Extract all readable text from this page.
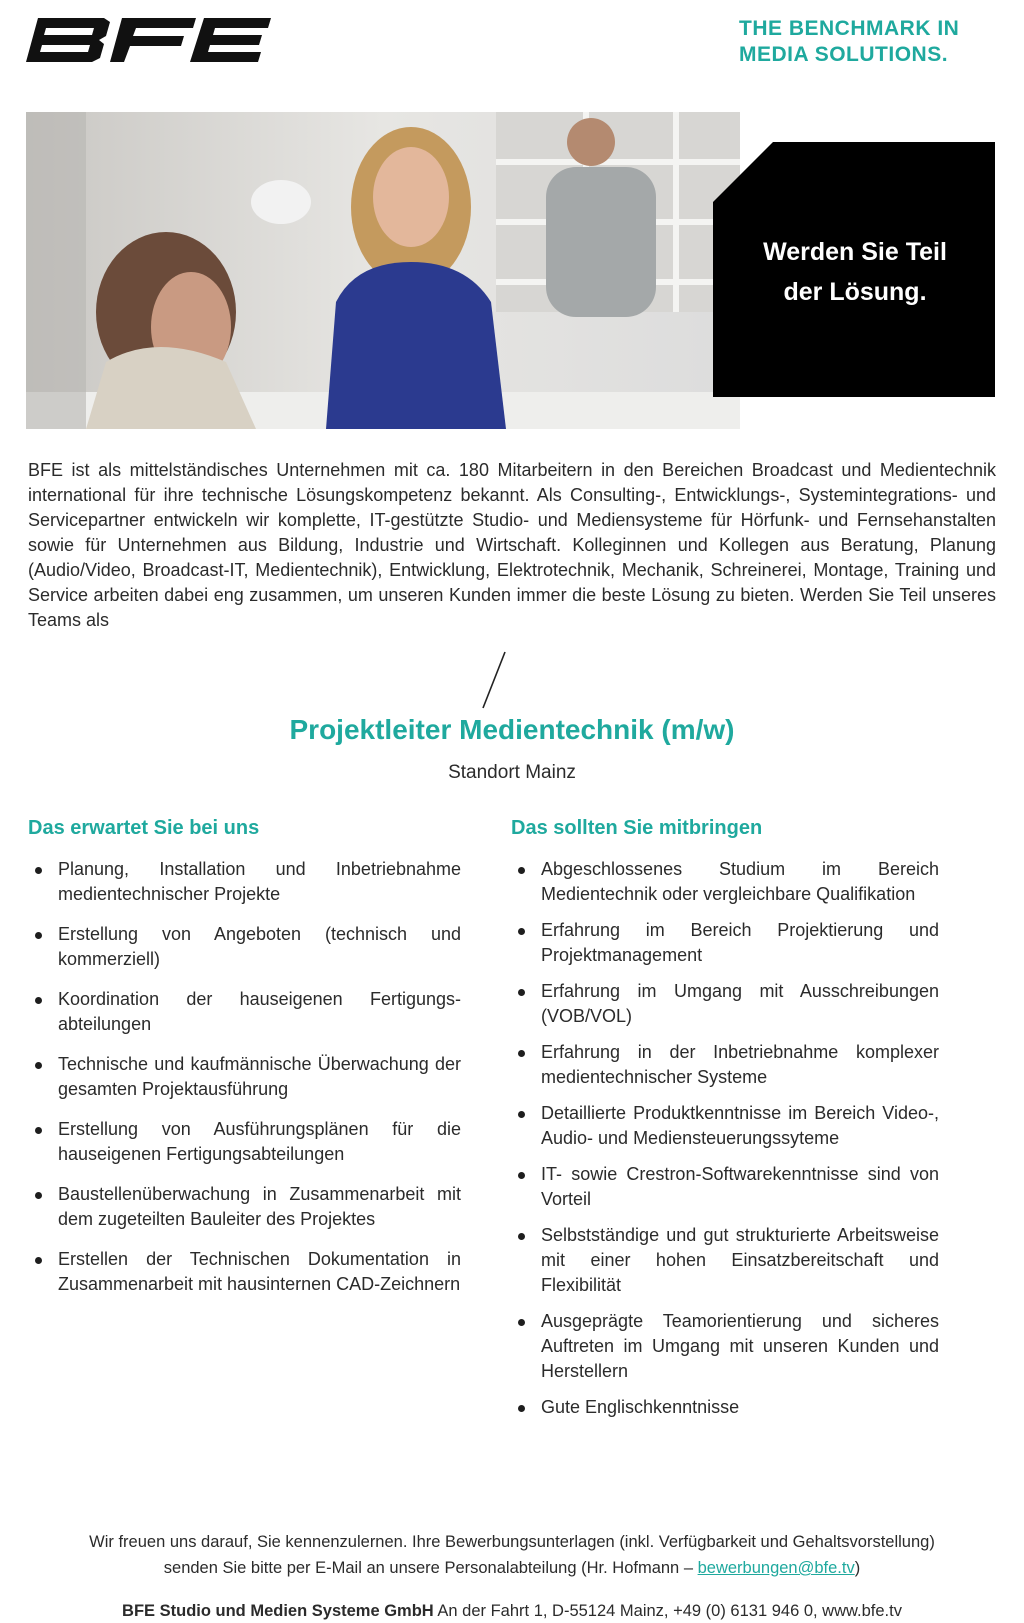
THE BENCHMARK IN
MEDIA SOLUTIONS.
Werden Sie Teil
der Lösung.
BFE ist als mittelständisches Unternehmen mit ca. 180 Mitarbeitern in den Bereichen Broadcast und Medientechnik international für ihre technische Lösungskompetenz bekannt. Als Consulting-, Entwicklungs-, Systemintegrations- und Servicepartner entwickeln wir komplette, IT-gestützte Studio- und Mediensysteme für Hörfunk- und Fernsehanstalten sowie für Unternehmen aus Bildung, Industrie und Wirtschaft. Kolleginnen und Kollegen aus Beratung, Planung (Audio/Video, Broadcast-IT, Medientechnik), Entwicklung, Elektrotechnik, Mechanik, Schreinerei, Montage, Training und Service arbeiten dabei eng zusammen, um unseren Kunden immer die beste Lösung zu bieten. Werden Sie Teil unseres Teams als
Projektleiter Medientechnik (m/w)
Standort Mainz
Das erwartet Sie bei uns	Das sollten Sie mitbringen
Planung, Installation und Inbetriebnahme medientechnischer Projekte
Erstellung von Angeboten (technisch und kommerziell)
Koordination der hauseigenen Fertigungsabteilungen
Technische und kaufmännische Überwachung der gesamten Projektausführung
Erstellung von Ausführungsplänen für die hauseigenen Fertigungsabteilungen
Baustellenüberwachung in Zusammenarbeit mit dem zugeteilten Bauleiter des Projektes
Erstellen der Technischen Dokumentation in Zusammenarbeit mit hausinternen CAD-Zeichnern
Abgeschlossenes Studium im Bereich Medientechnik oder vergleichbare Qualifikation
Erfahrung im Bereich Projektierung und Projektmanagement
Erfahrung im Umgang mit Ausschreibungen (VOB/VOL)
Erfahrung in der Inbetriebnahme komplexer medientechnischer Systeme
Detaillierte Produktkenntnisse im Bereich Video-, Audio- und Mediensteuerungssyteme
IT- sowie Crestron-Softwarekenntnisse sind von Vorteil
Selbstständige und gut strukturierte Arbeitsweise mit einer hohen Einsatzbereitschaft und Flexibilität
Ausgeprägte Teamorientierung und sicheres Auftreten im Umgang mit unseren Kunden und Herstellern
Gute Englischkenntnisse
Wir freuen uns darauf, Sie kennenzulernen. Ihre Bewerbungsunterlagen (inkl. Verfügbarkeit und Gehaltsvorstellung)
senden Sie bitte per E-Mail an unsere Personalabteilung (Hr. Hofmann – bewerbungen@bfe.tv)
BFE Studio und Medien Systeme GmbH An der Fahrt 1, D-55124 Mainz, +49 (0) 6131 946 0, www.bfe.tv
